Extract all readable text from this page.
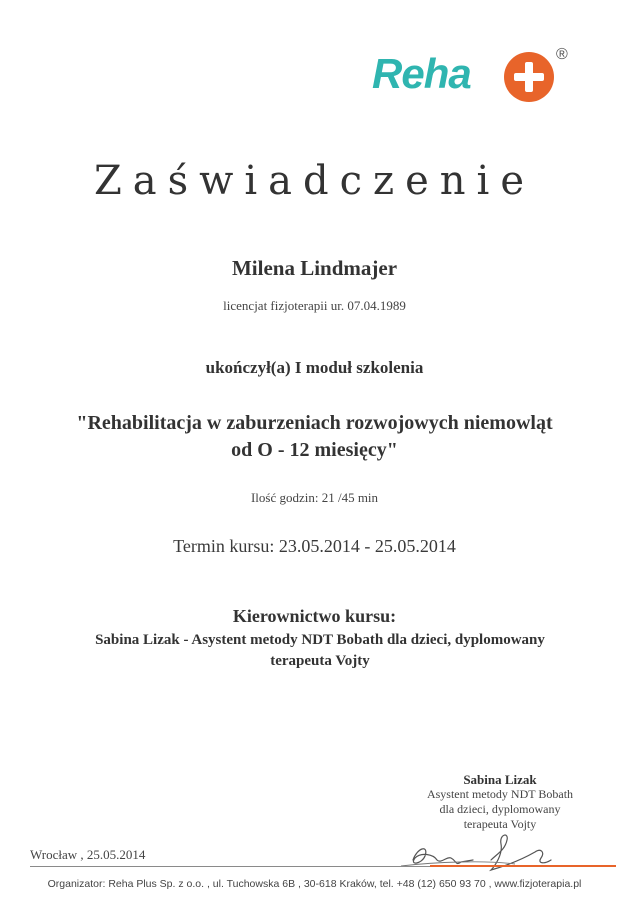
Reha	®
Zaświadczenie
Milena Lindmajer
licencjat fizjoterapii ur. 07.04.1989
ukończył(a) I moduł szkolenia
"Rehabilitacja w zaburzeniach rozwojowych niemowląt
od O - 12 miesięcy"
Ilość godzin: 21 /45 min
Termin kursu: 23.05.2014 - 25.05.2014
Kierownictwo kursu:
Sabina Lizak - Asystent metody NDT Bobath dla dzieci, dyplomowany
terapeuta Vojty
Sabina Lizak
Asystent metody NDT Bobath
dla dzieci, dyplomowany
terapeuta Vojty
Wrocław , 25.05.2014
Organizator: Reha Plus Sp. z o.o. , ul. Tuchowska 6B , 30-618 Kraków, tel. +48 (12) 650 93 70 , www.fizjoterapia.pl
